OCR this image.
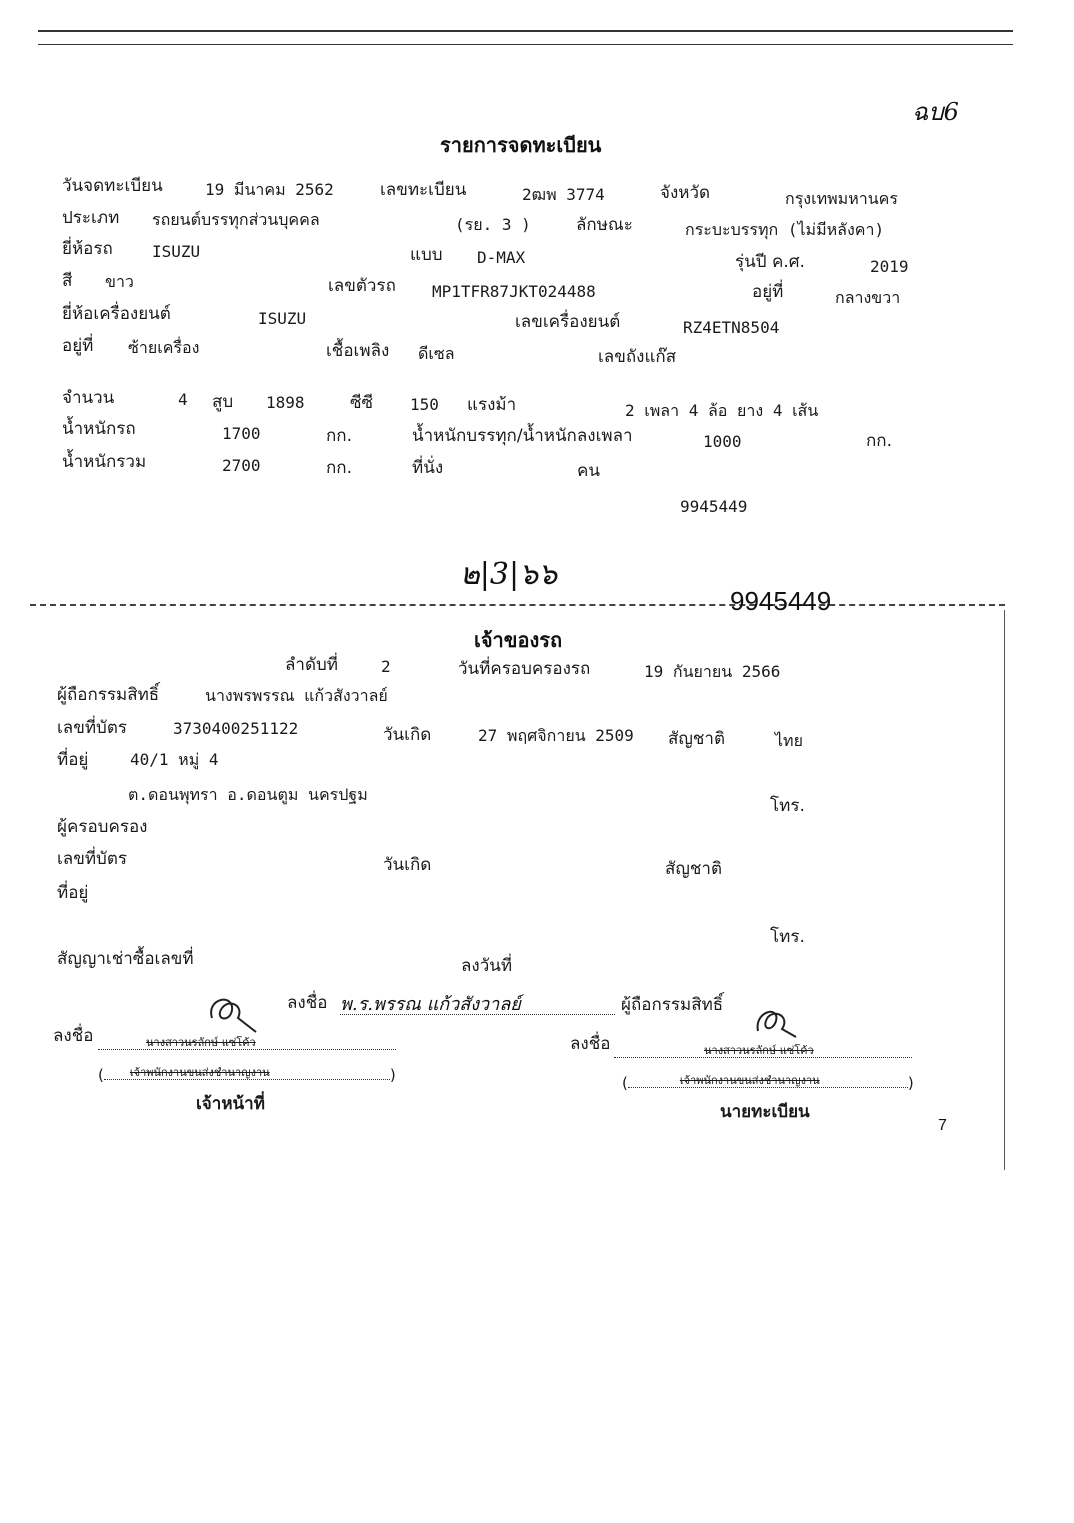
ฉบ6
รายการจดทะเบียน
วันจดทะเบียน	19 มีนาคม 2562	เลขทะเบียน	2ฒพ 3774	จังหวัด	กรุงเทพมหานคร
ประเภท รถยนต์บรรทุกส่วนบุคคล	(รย. 3 )	ลักษณะ	กระบะบรรทุก (ไม่มีหลังคา)
ยี่ห้อรถ ISUZU	แบบ D-MAX	รุ่นปี ค.ศ.	2019
สี ขาว	เลขตัวรถ MP1TFR87JKT024488	อยู่ที่	กลางขวา
ยี่ห้อเครื่องยนต์	ISUZU	เลขเครื่องยนต์	RZ4ETN8504
อยู่ที่ ซ้ายเครื่อง	เชื้อเพลิง ดีเซล	เลขถังแก๊ส
จำนวน	4 สูบ 1898	ซีซี 150 แรงม้า	2 เพลา 4 ล้อ ยาง 4 เส้น
น้ำหนักรถ	1700	กก.	น้ำหนักบรรทุก/น้ำหนักลงเพลา	1000	กก.
น้ำหนักรวม	2700	กก.	ที่นั่ง	คน
9945449
๒|3|๖๖
9945449
เจ้าของรถ
ลำดับที่	2	วันที่ครอบครองรถ	19 กันยายน 2566
ผู้ถือกรรมสิทธิ์	นางพรพรรณ แก้วสังวาลย์
เลขที่บัตร	3730400251122	วันเกิด	27 พฤศจิกายน 2509 สัญชาติ	ไทย
ที่อยู่	40/1 หมู่ 4
ต.ดอนพุทรา อ.ดอนตูม นครปฐม
โทร.
ผู้ครอบครอง
เลขที่บัตร	วันเกิด	สัญชาติ
ที่อยู่
โทร.
สัญญาเช่าซื้อเลขที่	ลงวันที่
ลงชื่อ พ.ร.พรรณ แก้วสังวาลย์	ผู้ถือกรรมสิทธิ์
ลงชื่อ	นางสาวนรลักษ์ แซ่โค้ว
( เจ้าพนักงานขนส่งชำนาญงาน	)
เจ้าหน้าที่
ลงชื่อ	นางสาวนรลักษ์ แซ่โค้ว
(	เจ้าพนักงานขนส่งชำนาญงาน	)
นายทะเบียน
7
